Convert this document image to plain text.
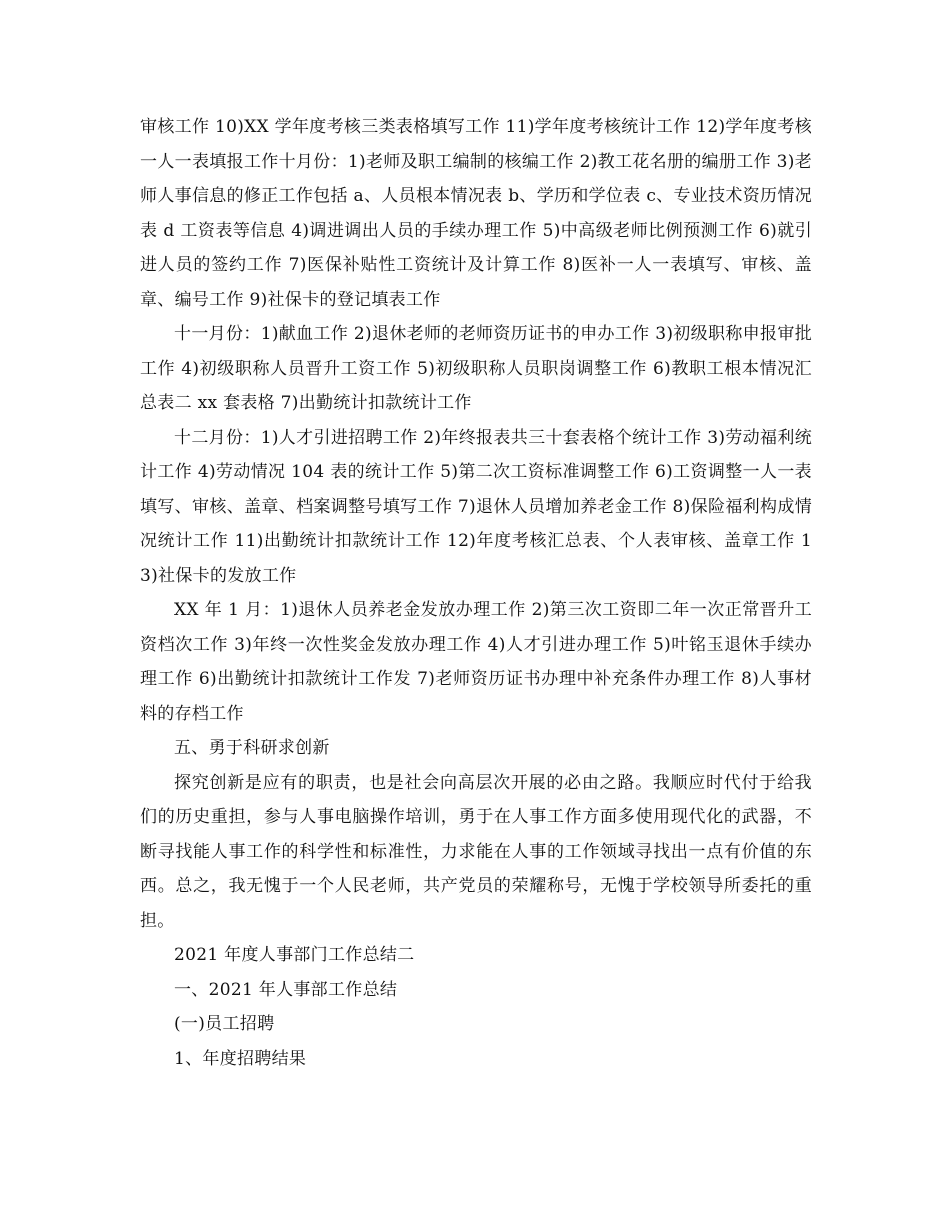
审核工作 10)XX 学年度考核三类表格填写工作 11)学年度考核统计工作 12)学年度考核一人一表填报工作十月份：1)老师及职工编制的核编工作 2)教工花名册的编册工作 3)老师人事信息的修正工作包括 a、人员根本情况表 b、学历和学位表 c、专业技术资历情况表 d 工资表等信息 4)调进调出人员的手续办理工作 5)中高级老师比例预测工作 6)就引进人员的签约工作 7)医保补贴性工资统计及计算工作 8)医补一人一表填写、审核、盖章、编号工作 9)社保卡的登记填表工作

十一月份：1)献血工作 2)退休老师的老师资历证书的申办工作 3)初级职称申报审批工作 4)初级职称人员晋升工资工作 5)初级职称人员职岗调整工作 6)教职工根本情况汇总表二 xx 套表格 7)出勤统计扣款统计工作

十二月份：1)人才引进招聘工作 2)年终报表共三十套表格个统计工作 3)劳动福利统计工作 4)劳动情况 104 表的统计工作 5)第二次工资标准调整工作 6)工资调整一人一表填写、审核、盖章、档案调整号填写工作 7)退休人员增加养老金工作 8)保险福利构成情况统计工作 11)出勤统计扣款统计工作 12)年度考核汇总表、个人表审核、盖章工作 13)社保卡的发放工作

XX 年 1 月：1)退休人员养老金发放办理工作 2)第三次工资即二年一次正常晋升工资档次工作 3)年终一次性奖金发放办理工作 4)人才引进办理工作 5)叶铭玉退休手续办理工作 6)出勤统计扣款统计工作发 7)老师资历证书办理中补充条件办理工作 8)人事材料的存档工作

五、勇于科研求创新

探究创新是应有的职责，也是社会向高层次开展的必由之路。我顺应时代付于给我们的历史重担，参与人事电脑操作培训，勇于在人事工作方面多使用现代化的武器，不断寻找能人事工作的科学性和标准性，力求能在人事的工作领域寻找出一点有价值的东西。总之，我无愧于一个人民老师，共产党员的荣耀称号，无愧于学校领导所委托的重担。

2021 年度人事部门工作总结二

一、2021 年人事部工作总结

(一)员工招聘

1、年度招聘结果
